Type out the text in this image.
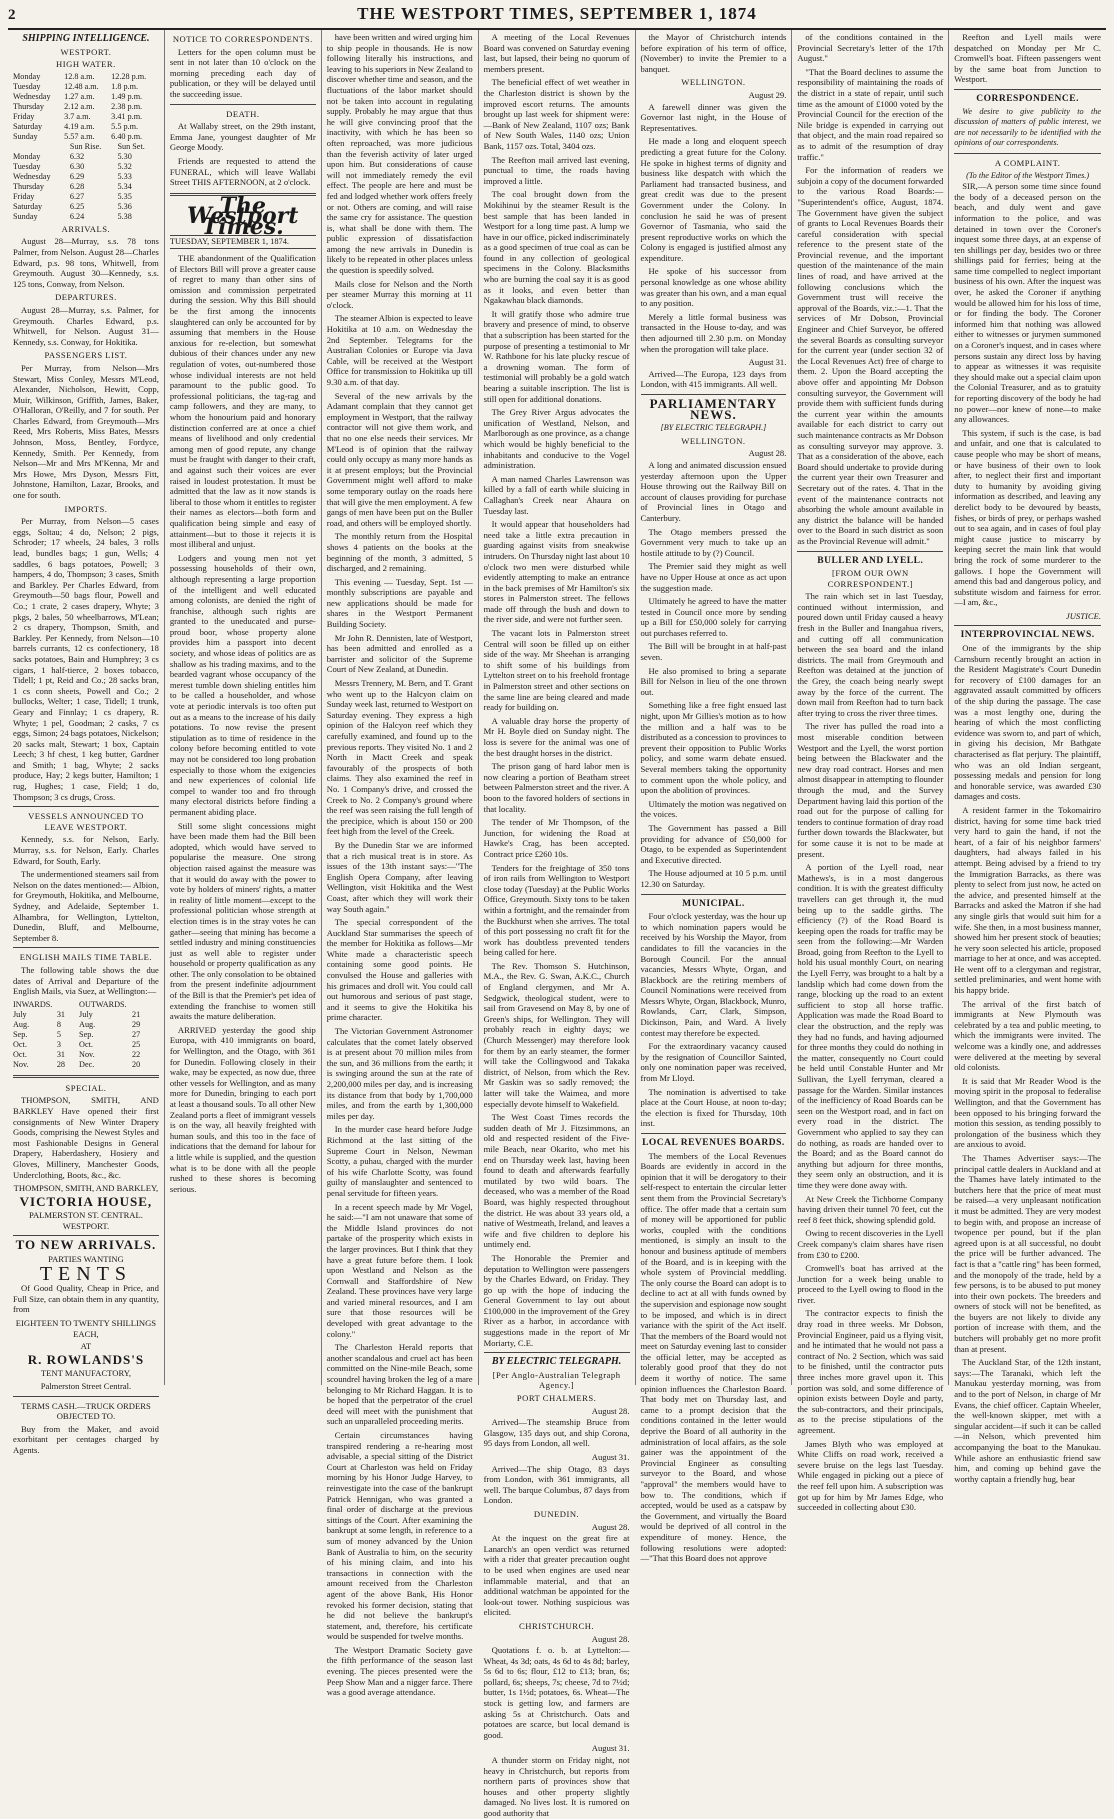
2	THE WESTPORT TIMES, SEPTEMBER 1, 1874
SHIPPING INTELLIGENCE.
WESTPORT.
HIGH WATER.
Monday	12.8 a.m.	12.28 p.m.
Tuesday	12.48 a.m.	1.8 p.m.
Wednesday	1.27 a.m.	1.49 p.m.
Thursday	2.12 a.m.	2.38 p.m.
Friday	3.7 a.m.	3.41 p.m.
Saturday	4.19 a.m.	5.5 p.m.
Sunday	5.57 a.m.	6.40 p.m.
	Sun Rise.	Sun Set.
Monday	6.32	5.30
Tuesday	6.30	5.32
Wednesday	6.29	5.33
Thursday	6.28	5.34
Friday	6.27	5.35
Saturday	6.25	5.36
Sunday	6.24	5.38
ARRIVALS.

August 28—Murray, s.s. 78 tons Palmer, from Nelson. August 28—Charles Edward, p.s. 98 tons, Whitwell, from Greymouth. August 30—Kennedy, s.s. 125 tons, Conway, from Nelson.

DEPARTURES.

August 28—Murray, s.s. Palmer, for Greymouth. Charles Edward, p.s. Whitwell, for Nelson. August 31—Kennedy, s.s. Conway, for Hokitika.

PASSENGERS LIST.

Per Murray, from Nelson—Mrs Stewart, Miss Conley, Messrs M'Leod, Alexander, Nicholson, Hewitt, Copp, Muir, Wilkinson, Griffith, James, Baker, O'Halloran, O'Reilly, and 7 for south. Per Charles Edward, from Greymouth—Mrs Reed, Mrs Roberts, Miss Bates, Messrs Johnson, Moss, Bentley, Fordyce, Kennedy, Smith. Per Kennedy, from Nelson—Mr and Mrs M'Kenna, Mr and Mrs Howe, Mrs Dyson, Messrs Fitt, Johnstone, Hamilton, Lazar, Brooks, and one for south.

IMPORTS.

Per Murray, from Nelson—5 cases eggs, Soltau; 4 do, Nelson; 2 pigs, Schroder; 17 wheels, 24 bales, 3 rolls lead, bundles bags; 1 gun, Wells; 4 saddles, 6 bags potatoes, Powell; 3 hampers, 4 do, Thompson; 3 cases, Smith and Barkley. Per Charles Edward, from Greymouth—50 bags flour, Powell and Co.; 1 crate, 2 cases drapery, Whyte; 3 pkgs, 2 bales, 50 wheelbarrows, M'Lean; 2 cs drapery, Thompson, Smith, and Barkley. Per Kennedy, from Nelson—10 barrels currants, 12 cs confectionery, 18 sacks potatoes, Bain and Humphrey; 3 cs cigars, 1 half-tierce, 2 boxes tobacco, Tidell; 1 pt, Reid and Co.; 28 sacks bran, 1 cs conn sheets, Powell and Co.; 2 bullocks, Welter; 1 case, Tidell; 1 trunk, Geary and Finnlay; 1 cs drapery, R. Whyte; 1 pel, Goodman; 2 casks, 7 cs eggs, Simon; 24 bags potatoes, Nickelson; 20 sacks malt, Stewart; 1 box, Captain Leech; 3 hf chest, 1 keg butter, Gardner and Smith; 1 bag, Whyte; 2 sacks produce, Hay; 2 kegs butter, Hamilton; 1 rug, Hughes; 1 case, Field; 1 do, Thompson; 3 cs drugs, Cross.

VESSELS ANNOUNCED TO LEAVE WESTPORT.

Kennedy, s.s. for Nelson, Early. Murray, s.s. for Nelson, Early. Charles Edward, for South, Early.

The undermentioned steamers sail from Nelson on the dates mentioned:— Albion, for Greymouth, Hokitika, and Melbourne, Sydney, and Adelaide, September 1. Alhambra, for Wellington, Lyttelton, Dunedin, Bluff, and Melbourne, September 8.

ENGLISH MAILS TIME TABLE.

The following table shows the due dates of Arrival and Departure of the English Mails, via Suez, at Wellington:—

INWARDS.		OUTWARDS.	
July	31	July	21
Aug.	8	Aug.	29
Sep.	5	Sep.	27
Oct.	3	Oct.	25
Oct.	31	Nov.	22
Nov.	28	Dec.	20
SPECIAL.

THOMPSON, SMITH, AND BARKLEY Have opened their first consignments of New Winter Drapery Goods, comprising the Newest Styles and most Fashionable Designs in General Drapery, Haberdashery, Hosiery and Gloves, Millinery, Manchester Goods, Underclothing, Boots, &c., &c.

THOMPSON, SMITH, AND BARKLEY,
VICTORIA HOUSE,
PALMERSTON ST. CENTRAL. WESTPORT.
TO NEW ARRIVALS.
PARTIES WANTING
TENTS

Of Good Quality, Cheap in Price, and Full Size, can obtain them in any quantity, from

EIGHTEEN TO TWENTY SHILLINGS EACH,
AT
R. ROWLANDS'S
TENT MANUFACTORY,
Palmerston Street Central.
TERMS CASH.—TRUCK ORDERS OBJECTED TO.

Buy from the Maker, and avoid exorbitant per centages charged by Agents.

NOTICE TO CORRESPONDENTS.

Letters for the open column must be sent in not later than 10 o'clock on the morning preceding each day of publication, or they will be delayed until the succeeding issue.

DEATH.

At Wallaby street, on the 29th instant, Emma Jane, youngest daughter of Mr George Moody.

Friends are requested to attend the FUNERAL, which will leave Wallabi Street THIS AFTERNOON, at 2 o'clock.

The Westport Times.
TUESDAY, SEPTEMBER 1, 1874.

THE abandonment of the Qualification of Electors Bill will prove a greater cause of regret to many than other sins of omission and commission perpetrated during the session. Why this Bill should be the first among the innocents slaughtered can only be accounted for by assuming that members in the House anxious for re-election, but somewhat dubious of their chances under any new regulation of votes, out-numbered those whose individual interests are not held paramount to the public good. To professional politicians, the tag-rag and camp followers, and they are many, to whom the honourium paid and honorary distinction conferred are at once a chief means of livelihood and only credential among men of good repute, any change must be fraught with danger to their craft, and against such their voices are ever raised in loudest protestation. It must be admitted that the law as it now stands is liberal to those whom it entitles to register their names as electors—both form and qualification being simple and easy of attainment—but to those it rejects it is most illiberal and unjust.

Lodgers and young men not yet possessing households of their own, although representing a large proportion of the intelligent and well educated among colonists, are denied the right of franchise, although such rights are granted to the uneducated and purse-proud boor, whose property alone provides him a passport into decent society, and whose ideas of politics are as shallow as his trading maxims, and to the bearded vagrant whose occupancy of the merest tumble down shieling entitles him to be called a householder, and whose vote at periodic intervals is too often put out as a means to the increase of his daily potations. To now revise the present stipulation as to time of residence in the colony before becoming entitled to vote may not be considered too long probation especially to those whom the exigencies and new experiences of colonial life compel to wander too and fro through many electoral districts before finding a permanent abiding place.

Still some slight concessions might have been made them had the Bill been adopted, which would have served to popularise the measure. One strong objection raised against the measure was that it would do away with the power to vote by holders of miners' rights, a matter in reality of little moment—except to the professional politician whose strength at election times is in the stray votes he can gather—seeing that mining has become a settled industry and mining constituencies just as well able to register under household or property qualification as any other. The only consolation to be obtained from the present indefinite adjournment of the Bill is that the Premier's pet idea of extending the franchise to women still awaits the mature deliberation.

ARRIVED yesterday the good ship Europa, with 410 immigrants on board, for Wellington, and the Otago, with 361 for Dunedin. Following closely in their wake, may be expected, as now due, three other vessels for Wellington, and as many more for Dunedin, bringing to each port at least a thousand souls. To all other New Zealand ports a fleet of immigrant vessels is on the way, all heavily freighted with human souls, and this too in the face of indications that the demand for labour for a little while is supplied, and the question what is to be done with all the people rushed to these shores is becoming serious.

have been written and wired urging him to ship people in thousands. He is now following literally his instructions, and leaving to his superiors in New Zealand to discover whether time and season, and the fluctuations of the labor market should not be taken into account in regulating supply. Probably he may argue that thus he will give convincing proof that the inactivity, with which he has been so often reproached, was more judicious than the feverish activity of later urged upon him. But considerations of cause will not immediately remedy the evil effect. The people are here and must be fed and lodged whether work offers freely or not. Others are coming, and will raise the same cry for assistance. The question is, what shall be done with them. The public expression of dissatisfaction among the new arrivals in Dunedin is likely to be repeated in other places unless the question is speedily solved.

Mails close for Nelson and the North per steamer Murray this morning at 11 o'clock.

The steamer Albion is expected to leave Hokitika at 10 a.m. on Wednesday the 2nd September. Telegrams for the Australian Colonies or Europe via Java Cable, will be received at the Westport Office for transmission to Hokitika up till 9.30 a.m. of that day.

Several of the new arrivals by the Adamant complain that they cannot get employment in Westport, that the railway contractor will not give them work, and that no one else needs their services. Mr M'Leod is of opinion that the railway could only occupy as many more hands as it at present employs; but the Provincial Government might well afford to make some temporary outlay on the roads here that will give the men employment. A few gangs of men have been put on the Buller road, and others will be employed shortly.

The monthly return from the Hospital shows 4 patients on the books at the beginning of the month, 3 admitted, 5 discharged, and 2 remaining.

This evening — Tuesday, Sept. 1st — monthly subscriptions are payable and new applications should be made for shares in the Westport Permanent Building Society.

Mr John R. Dennisten, late of Westport, has been admitted and enrolled as a barrister and solicitor of the Supreme Court of New Zealand, at Dunedin.

Messrs Trennery, M. Bern, and T. Grant who went up to the Halcyon claim on Sunday week last, returned to Westport on Saturday evening. They express a high opinion of the Halcyon reef which they carefully examined, and found up to the previous reports. They visited No. 1 and 2 North in Mactt Creek and speak favourably of the prospects of both claims. They also examined the reef in No. 1 Company's drive, and crossed the Creek to No. 2 Company's ground where the reef was seen raising the full length of the precipice, which is about 150 or 200 feet high from the level of the Creek.

By the Dunedin Star we are informed that a rich musical treat is in store. As issues of the 13th instant says:—"The English Opera Company, after leaving Wellington, visit Hokitika and the West Coast, after which they will work their way South again."

The special correspondent of the Auckland Star summarises the speech of the member for Hokitika as follows—Mr White made a characteristic speech containing some good points. He convulsed the House and galleries with his grimaces and droll wit. You could call out humorous and serious of past stage, and it seems to give the Hokitika his prime character.

The Victorian Government Astronomer calculates that the comet lately observed is at present about 70 million miles from the sun, and 36 millions from the earth; it is swinging around the sun at the rate of 2,200,000 miles per day, and is increasing its distance from that body by 1,700,000 miles, and from the earth by 1,300,000 miles per day.

In the murder case heard before Judge Richmond at the last sitting of the Supreme Court in Nelson, Newman Scotty, a puhau, charged with the murder of his wife Charlotte Scotty, was found guilty of manslaughter and sentenced to penal servitude for fifteen years.

In a recent speech made by Mr Vogel, he said:—"I am not unaware that some of the Middle Island provinces do not partake of the prosperity which exists in the larger provinces. But I think that they have a great future before them. I look upon Westland and Nelson as the Cornwall and Staffordshire of New Zealand. These provinces have very large and varied mineral resources, and I am sure that those resources will be developed with great advantage to the colony."

The Charleston Herald reports that another scandalous and cruel act has been committed on the Nine-mile Beach, some scoundrel having broken the leg of a mare belonging to Mr Richard Haggan. It is to be hoped that the perpetrator of the cruel deed will meet with the punishment that such an unparalleled proceeding merits.

Certain circumstances having transpired rendering a re-hearing most advisable, a special sitting of the District Court at Charleston was held on Friday morning by his Honor Judge Harvey, to reinvestigate into the case of the bankrupt Patrick Hennigan, who was granted a final order of discharge at the previous sittings of the Court. After examining the bankrupt at some length, in reference to a sum of money advanced by the Union Bank of Australia to him, on the security of his mining claim, and into his transactions in connection with the amount received from the Charleston agent of the above Bank, His Honor revoked his former decision, stating that he did not believe the bankrupt's statement, and, therefore, his certificate would be suspended for twelve months.

The Westport Dramatic Society gave the fifth performance of the season last evening. The pieces presented were the Peep Show Man and a nigger farce. There was a good average attendance.

A meeting of the Local Revenues Board was convened on Saturday evening last, but lapsed, their being no quorum of members present.

The beneficial effect of wet weather in the Charleston district is shown by the improved escort returns. The amounts brought up last week for shipment were:—Bank of New Zealand, 1107 ozs; Bank of New South Wales, 1140 ozs; Union Bank, 1157 ozs. Total, 3404 ozs.

The Reefton mail arrived last evening, punctual to time, the roads having improved a little.

The coal brought down from the Mokihinui by the steamer Result is the best sample that has been landed in Westport for a long time past. A lump we have in our office, picked indiscriminately as a good specimen of true coal as can be found in any collection of geological specimens in the Colony. Blacksmiths who are burning the coal say it is as good as it looks, and even better than Ngakawhau black diamonds.

It will gratify those who admire true bravery and presence of mind, to observe that a subscription has been started for the purpose of presenting a testimonial to Mr W. Rathbone for his late plucky rescue of a drowning woman. The form of testimonial will probably be a gold watch bearing a suitable inscription. The list is still open for additional donations.

The Grey River Argus advocates the unification of Westland, Nelson, and Marlborough as one province, as a change which would be highly beneficial to the inhabitants and conducive to the Vogel administration.

A man named Charles Lawrenson was killed by a fall of earth while sluicing in Callaghan's Creek near Ahaura on Tuesday last.

It would appear that householders had need take a little extra precaution in guarding against visits from sneakwise intruders. On Thursday night last about 10 o'clock two men were disturbed while evidently attempting to make an entrance in the back premises of Mr Hamilton's six stores in Palmerston street. The fellows made off through the bush and down to the river side, and were not further seen.

The vacant lots in Palmerston street Central will soon be filled up on either side of the way. Mr Sheehan is arranging to shift some of his buildings from Lyttelton street on to his freehold frontage in Palmerston street and other sections on the same line are being cleared and made ready for building on.

A valuable dray horse the property of Mr H. Boyle died on Sunday night. The loss is severe for the animal was one of the best draught horses in the district.

The prison gang of hard labor men is now clearing a portion of Beatham street between Palmerston street and the river. A boon to the favored holders of sections in that locality.

The tender of Mr Thompson, of the Junction, for widening the Road at Hawke's Crag, has been accepted. Contract price £260 10s.

Tenders for the freightage of 350 tons of iron rails from Wellington to Westport close today (Tuesday) at the Public Works Office, Greymouth. Sixty tons to be taken within a fortnight, and the remainder from the Buckhurst when she arrives. The total of this port possessing no craft fit for the work has doubtless prevented tenders being called for here.

The Rev. Thomson S. Hutchinson, M.A., the Rev. G. Swan, A.K.C., Church of England clergymen, and Mr A. Sedgwick, theological student, were to sail from Gravesend on May 8, by one of Green's ships, for Wellington. They will probably reach in eighty days; we (Church Messenger) may therefore look for them by an early steamer, the former will take the Collingwood and Takaka district, of Nelson, from which the Rev. Mr Gaskin was so sadly removed; the latter will take the Waimea, and more especially devote himself to Wakefield.

The West Coast Times records the sudden death of Mr J. Fitzsimmons, an old and respected resident of the Five-mile Beach, near Okarito, who met his end on Thursday week last, having been found to death and afterwards fearfully mutilated by two wild boars. The deceased, who was a member of the Road Board, was highly respected throughout the district. He was about 33 years old, a native of Westmeath, Ireland, and leaves a wife and five children to deplore his untimely end.

The Honorable the Premier and deputation to Wellington were passengers by the Charles Edward, on Friday. They go up with the hope of inducing the General Government to lay out about £100,000 in the improvement of the Grey River as a harbor, in accordance with suggestions made in the report of Mr Moriarty, C.E.

BY ELECTRIC TELEGRAPH.
[Per Anglo-Australian Telegraph Agency.]
PORT CHALMERS.
August 28.

Arrived—The steamship Bruce from Glasgow, 135 days out, and ship Corona, 95 days from London, all well.

August 31.

Arrived—The ship Otago, 83 days from London, with 361 immigrants, all well. The barque Columbus, 87 days from London.

DUNEDIN.
August 28.

At the inquest on the great fire at Lanarch's an open verdict was returned with a rider that greater precaution ought to be used when engines are used near inflammable material, and that an additional watchman be appointed for the look-out tower. Nothing suspicious was elicited.

CHRISTCHURCH.
August 28.

Quotations f. o. b. at Lyttelton:—Wheat, 4s 3d; oats, 4s 6d to 4s 8d; barley, 5s 6d to 6s; flour, £12 to £13; bran, 6s; pollard, 6s; sheeps, 7s; cheese, 7d to 7½d; butter, 1s 1½d; potatoes, 6s. Wheat—The stock is getting low, and farmers are asking 5s at Christchurch. Oats and potatoes are scarce, but local demand is good.

August 31.

A thunder storm on Friday night, not heavy in Christchurch, but reports from northern parts of provinces show that houses and other property slightly damaged. No lives lost. It is rumored on good authority that

the Mayor of Christchurch intends before expiration of his term of office, (November) to invite the Premier to a banquet.

WELLINGTON.
August 29.

A farewell dinner was given the Governor last night, in the House of Representatives.

He made a long and eloquent speech predicting a great future for the Colony. He spoke in highest terms of dignity and business like despatch with which the Parliament had transacted business, and great credit was due to the present Government under the Colony. In conclusion he said he was of present Governor of Tasmania, who said the present reproductive works on which the Colony is engaged is justified almost any expenditure.

He spoke of his successor from personal knowledge as one whose ability was greater than his own, and a man equal to any position.

Merely a little formal business was transacted in the House to-day, and was then adjourned till 2.30 p.m. on Monday when the prorogation will take place.

August 31.

Arrived—The Europa, 123 days from London, with 415 immigrants. All well.

PARLIAMENTARY NEWS.
[BY ELECTRIC TELEGRAPH.]
WELLINGTON.
August 28.

A long and animated discussion ensued yesterday afternoon upon the Upper House throwing out the Railway Bill on account of clauses providing for purchase of Provincial lines in Otago and Canterbury.

The Otago members pressed the Government very much to take up an hostile attitude to by (?) Council.

The Premier said they might as well have no Upper House at once as act upon the suggestion made.

Ultimately he agreed to have the matter tested in Council once more by sending up a Bill for £50,000 solely for carrying out purchases referred to.

The Bill will be brought in at half-past seven.

He also promised to bring a separate Bill for Nelson in lieu of the one thrown out.

Something like a free fight ensued last night, upon Mr Gillies's motion as to how the million and a half was to be distributed as a concession to provinces to prevent their opposition to Public Works policy, and some warm debate ensued. Several members taking the opportunity to comment upon the whole policy, and upon the abolition of provinces.

Ultimately the motion was negatived on the voices.

The Government has passed a Bill providing for advance of £50,000 for Otago, to be expended as Superintendent and Executive directed.

The House adjourned at 10 5 p.m. until 12.30 on Saturday.

MUNICIPAL.

Four o'clock yesterday, was the hour up to which nomination papers would be received by his Worship the Mayor, from candidates to fill the vacancies in the Borough Council. For the annual vacancies, Messrs Whyte, Organ, and Blackbock are the retiring members of Council Nominations were received from Messrs Whyte, Organ, Blackbock, Munro, Rowlands, Carr, Clark, Simpson, Dickinson, Pain, and Ward. A lively contest may therefore be expected.

For the extraordinary vacancy caused by the resignation of Councillor Sainted, only one nomination paper was received, from Mr Lloyd.

The nomination is advertised to take place at the Court House, at noon to-day; the election is fixed for Thursday, 10th inst.

LOCAL REVENUES BOARDS.

The members of the Local Revenues Boards are evidently in accord in the opinion that it will be derogatory to their self-respect to entertain the circular letter sent them from the Provincial Secretary's office. The offer made that a certain sum of money will be apportioned for public works, coupled with the conditions mentioned, is simply an insult to the honour and business aptitude of members of the Board, and is in keeping with the whole system of Provincial meddling. The only course the Board can adopt is to decline to act at all with funds owned by the supervision and espionage now sought to be imposed, and which is in direct variance with the spirit of the Act itself. That the members of the Board would not meet on Saturday evening last to consider the official letter, may be accepted as tolerably good proof that they do not deem it worthy of notice. The same opinion influences the Charleston Board. That body met on Thursday last, and came to a prompt decision that the conditions contained in the letter would deprive the Board of all authority in the administration of local affairs, as the sole gainer was the appointment of the Provincial Engineer as consulting surveyor to the Board, and whose "approval" the members would have to bow to. The conditions, which if accepted, would be used as a catspaw by the Government, and virtually the Board would be deprived of all control in the expenditure of money. Hence, the following resolutions were adopted:—"That this Board does not approve

of the conditions contained in the Provincial Secretary's letter of the 17th August."

"That the Board declines to assume the responsibility of maintaining the roads of the district in a state of repair, until such time as the amount of £1000 voted by the Provincial Council for the erection of the Nile bridge is expended in carrying out that object, and the main road repaired so as to admit of the resumption of dray traffic."

For the information of readers we subjoin a copy of the document forwarded to the various Road Boards:— "Superintendent's office, August, 1874. The Government have given the subject of grants to Local Revenues Boards their careful consideration with special reference to the present state of the Provincial revenue, and the important question of the maintenance of the main lines of road, and have arrived at the following conclusions which the Government trust will receive the approval of the Boards, viz.:—1. That the services of Mr Dobson, Provincial Engineer and Chief Surveyor, be offered the several Boards as consulting surveyor for the current year (under section 32 of the Local Revenues Act) free of charge to them. 2. Upon the Board accepting the above offer and appointing Mr Dobson consulting surveyor, the Government will provide them with sufficient funds during the current year within the amounts available for each district to carry out such maintenance contracts as Mr Dobson as consulting surveyor may approve. 3. That as a consideration of the above, each Board should undertake to provide during the current year their own Treasurer and Secretary out of the rates. 4. That in the event of the maintenance contracts not absorbing the whole amount available in any district the balance will be handed over to the Board in such district as soon as the Provincial Revenue will admit."

BULLER AND LYELL.
[FROM OUR OWN CORRESPONDENT.]

The rain which set in last Tuesday, continued without intermission, and poured down until Friday caused a heavy fresh in the Buller and Inangahua rivers, and cutting off all communication between the sea board and the inland districts. The mail from Greymouth and Reefton was detained at the junction of the Grey, the coach being nearly swept away by the force of the current. The down mail from Reefton had to turn back after trying to cross the river three times.

The river has pulled the road into a most miserable condition between Westport and the Lyell, the worst portion being between the Blackwater and the new dray road contract. Horses and men almost disappear in attempting to flounder through the mud, and the Survey Department having laid this portion of the road out for the purpose of calling for tenders to continue formation of dray road further down towards the Blackwater, but for some cause it is not to be made at present.

A portion of the Lyell road, near Mathews's, is in a most dangerous condition. It is with the greatest difficulty travellers can get through it, the mud being up to the saddle girths. The efficiency (?) of the Road Board is keeping open the roads for traffic may be seen from the following:—Mr Warden Broad, going from Reefton to the Lyell to hold his usual monthly Court, on nearing the Lyell Ferry, was brought to a halt by a landslip which had come down from the range, blocking up the road to an extent sufficient to stop all horse traffic. Application was made the Road Board to clear the obstruction, and the reply was they had no funds, and having adjourned for three months they could do nothing in the matter, consequently no Court could be held until Constable Hunter and Mr Sullivan, the Lyell ferryman, cleared a passage for the Warden. Similar instances of the inefficiency of Road Boards can be seen on the Westport road, and in fact on every road in the district. The Government who applied to say they can do nothing, as roads are handed over to the Board; and as the Board cannot do anything but adjourn for three months, they seem only an obstruction, and it is time they were done away with.

At New Creek the Tichborne Company having driven their tunnel 70 feet, cut the reef 8 feet thick, showing splendid gold.

Owing to recent discoveries in the Lyell Creek company's claim shares have risen from £30 to £200.

Cromwell's boat has arrived at the Junction for a week being unable to proceed to the Lyell owing to flood in the river.

The contractor expects to finish the dray road in three weeks. Mr Dobson, Provincial Engineer, paid us a flying visit, and he intimated that he would not pass a contract of No. 2 Section, which was said to be finished, until the contractor puts three inches more gravel upon it. This portion was sold, and some difference of opinion exists between Doyle and party, the sub-contractors, and their principals, as to the precise stipulations of the agreement.

James Blyth who was employed at White Cliffs on road work, received a severe bruise on the legs last Tuesday. While engaged in picking out a piece of the reef fell upon him. A subscription was got up for him by Mr James Edge, who succeeded in collecting about £30.

Reefton and Lyell mails were despatched on Monday per Mr C. Cromwell's boat. Fifteen passengers went by the same boat from Junction to Westport.

CORRESPONDENCE.

We desire to give publicity to the discussion of matters of public interest, we are not necessarily to be identified with the opinions of our correspondents.

A COMPLAINT.
(To the Editor of the Westport Times.)

SIR,—A person some time since found the body of a deceased person on the beach, and duly went and gave information to the police, and was detained in town over the Coroner's inquest some three days, at an expense of ten shillings per day, besides two or three shillings paid for ferries; being at the same time compelled to neglect important business of his own. After the inquest was over, he asked the Coroner if anything would be allowed him for his loss of time, or for finding the body. The Coroner informed him that nothing was allowed either to witnesses or jurymen summoned on a Coroner's inquest, and in cases where persons sustain any direct loss by having to appear as witnesses it was requisite they should make out a special claim upon the Colonial Treasurer, and as to gratuity for reporting discovery of the body he had no power—nor knew of none—to make any allowances.

This system, if such is the case, is bad and unfair, and one that is calculated to cause people who may be short of means, or have business of their own to look after, to neglect their first and important duty to humanity by avoiding giving information as described, and leaving any derelict body to be devoured by beasts, fishes, or birds of prey, or perhaps washed out to sea again, and in cases of foul play might cause justice to miscarry by keeping secret the main link that would bring the rock of some murderer to the gallows. I hope the Government will amend this bad and dangerous policy, and substitute wisdom and fairness for error.—I am, &c.,

JUSTICE.
INTERPROVINCIAL NEWS.

One of the immigrants by the ship Carnsburn recently brought an action in the Resident Magistrate's Court Dunedin for recovery of £100 damages for an aggravated assault committed by officers of the ship during the passage. The case was a most lengthy one, during the hearing of which the most conflicting evidence was sworn to, and part of which, in giving his decision, Mr Bathgate characterised as flat perjury. The plaintiff, who was an old Indian sergeant, possessing medals and pension for long and honorable service, was awarded £30 damages and costs.

A resident farmer in the Tokomairiro district, having for some time back tried very hard to gain the hand, if not the heart, of a fair of his neighbor farmers' daughters, had always failed in his attempt. Being advised by a friend to try the Immigration Barracks, as there was plenty to select from just now, he acted on the advice, and presented himself at the Barracks and asked the Matron if she had any single girls that would suit him for a wife. She then, in a most business manner, showed him her present stock of beauties; he very soon selected his article, proposed marriage to her at once, and was accepted. He went off to a clergyman and registrar, settled preliminaries, and went home with his happy bride.

The arrival of the first batch of immigrants at New Plymouth was celebrated by a tea and public meeting, to which the immigrants were invited. The welcome was a kindly one, and addresses were delivered at the meeting by several old colonists.

It is said that Mr Reader Wood is the moving spirit in the proposal to federalise Wellington, and that the Government has been opposed to his bringing forward the motion this session, as tending possibly to prolongation of the business which they are anxious to avoid.

The Thames Advertiser says:—The principal cattle dealers in Auckland and at the Thames have lately intimated to the butchers here that the price of meat must be raised—a very unpleasant notification it must be admitted. They are very modest to begin with, and propose an increase of twopence per pound, but if the plan agreed upon is at all successful, no doubt the price will be further advanced. The fact is that a "cattle ring" has been formed, and the monopoly of the trade, held by a few persons, is to be abused to put money into their own pockets. The breeders and owners of stock will not be benefited, as the buyers are not likely to divide any portion of increase with them, and the butchers will probably get no more profit than at present.

The Auckland Star, of the 12th instant, says:—The Taranaki, which left the Manukau yesterday morning, was from and to the port of Nelson, in charge of Mr Evans, the chief officer. Captain Wheeler, the well-known skipper, met with a singular accident—if such it can be called—in Nelson, which prevented him accompanying the boat to the Manukau. While ashore an enthusiastic friend saw him, and coming up behind gave the worthy captain a friendly hug, bear
